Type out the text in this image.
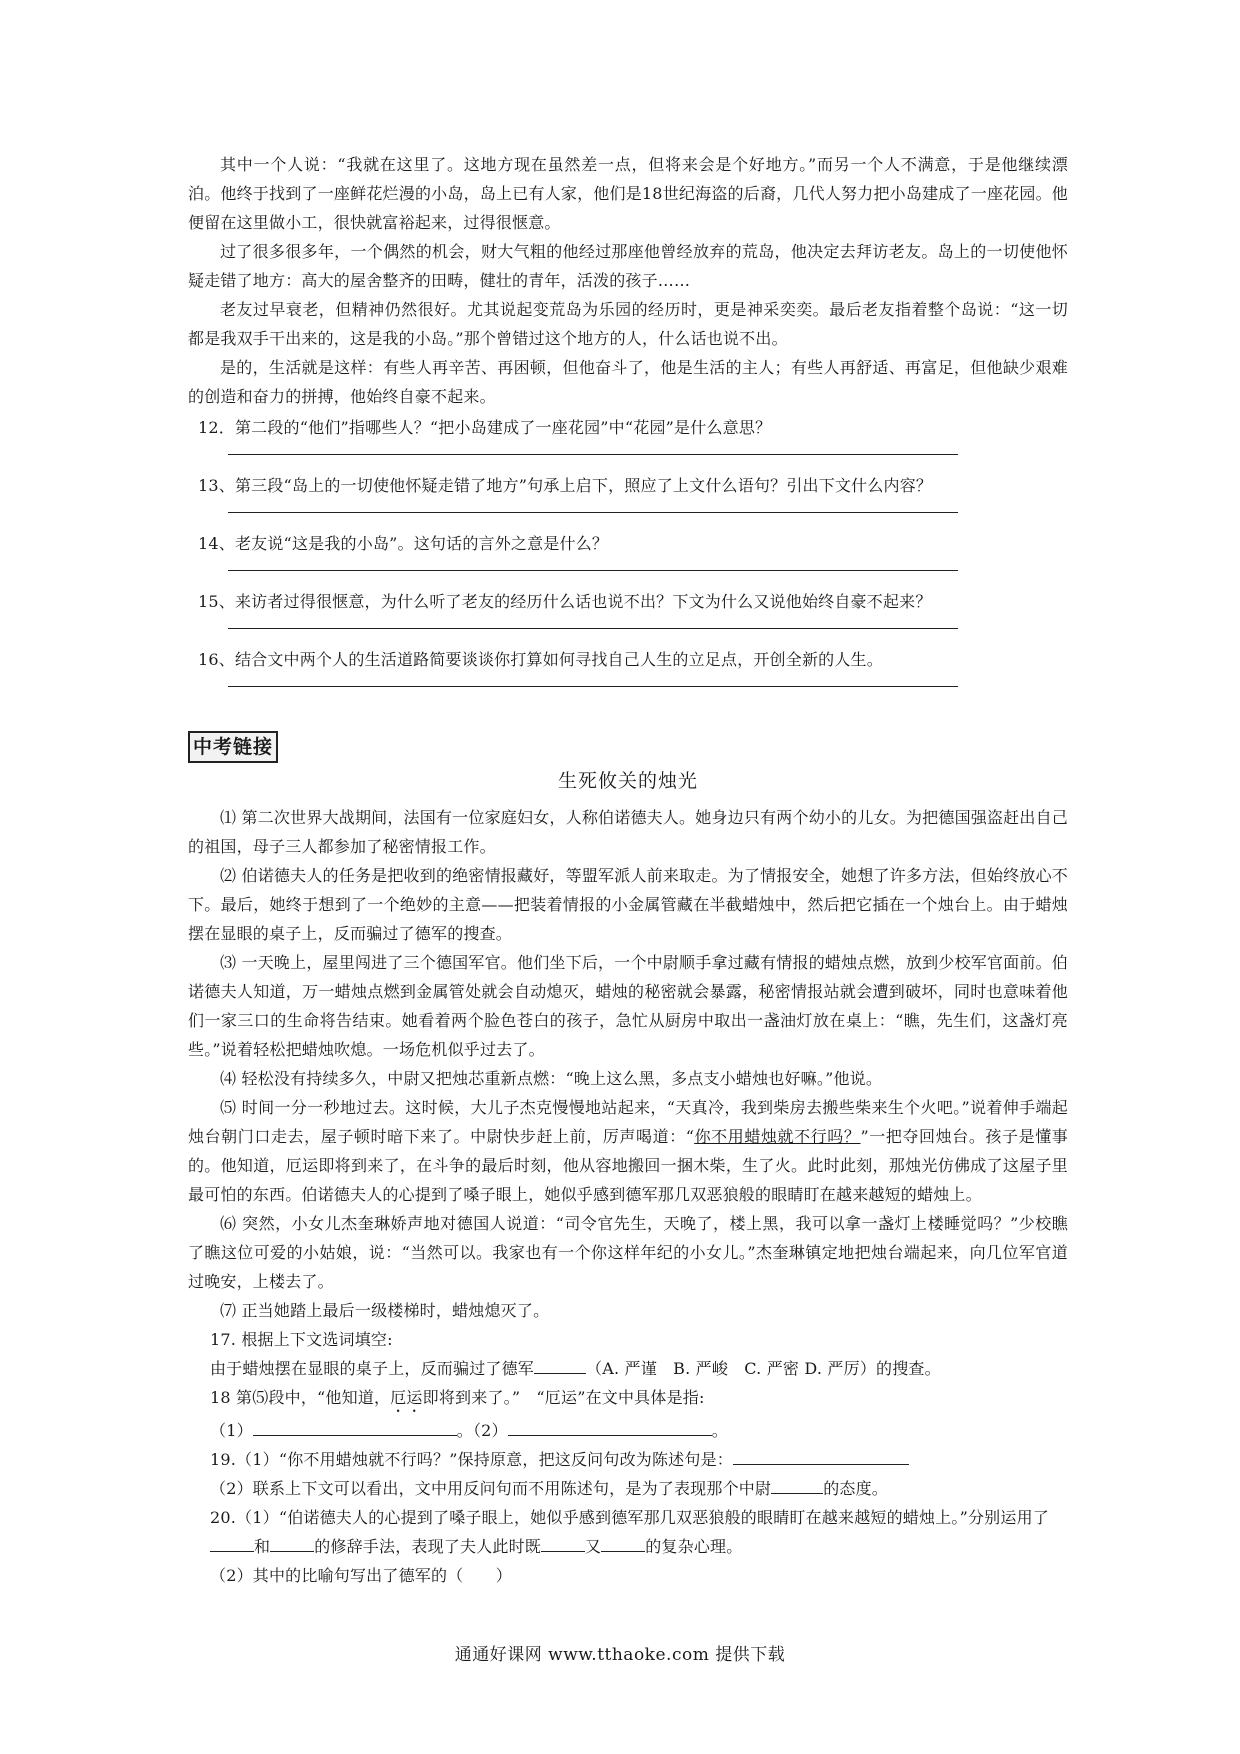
其中一个人说：“我就在这里了。这地方现在虽然差一点，但将来会是个好地方。”而另一个人不满意，于是他继续漂泊。他终于找到了一座鲜花烂漫的小岛，岛上已有人家，他们是18世纪海盗的后裔，几代人努力把小岛建成了一座花园。他便留在这里做小工，很快就富裕起来，过得很惬意。

过了很多很多年，一个偶然的机会，财大气粗的他经过那座他曾经放弃的荒岛，他决定去拜访老友。岛上的一切使他怀疑走错了地方：高大的屋舍整齐的田畴，健壮的青年，活泼的孩子……

老友过早衰老，但精神仍然很好。尤其说起变荒岛为乐园的经历时，更是神采奕奕。最后老友指着整个岛说：“这一切都是我双手干出来的，这是我的小岛。”那个曾错过这个地方的人，什么话也说不出。

是的，生活就是这样：有些人再辛苦、再困顿，但他奋斗了，他是生活的主人；有些人再舒适、再富足，但他缺少艰难的创造和奋力的拼搏，他始终自豪不起来。

12．第二段的“他们”指哪些人？“把小岛建成了一座花园”中“花园”是什么意思？
13、第三段“岛上的一切使他怀疑走错了地方”句承上启下，照应了上文什么语句？引出下文什么内容？
14、老友说“这是我的小岛”。这句话的言外之意是什么？
15、来访者过得很惬意，为什么听了老友的经历什么话也说不出？下文为什么又说他始终自豪不起来？
16、结合文中两个人的生活道路简要谈谈你打算如何寻找自己人生的立足点，开创全新的人生。
中考链接
生死攸关的烛光

⑴ 第二次世界大战期间，法国有一位家庭妇女，人称伯诺德夫人。她身边只有两个幼小的儿女。为把德国强盗赶出自己的祖国，母子三人都参加了秘密情报工作。

⑵ 伯诺德夫人的任务是把收到的绝密情报藏好，等盟军派人前来取走。为了情报安全，她想了许多方法，但始终放心不下。最后，她终于想到了一个绝妙的主意——把装着情报的小金属管藏在半截蜡烛中，然后把它插在一个烛台上。由于蜡烛摆在显眼的桌子上，反而骗过了德军的搜查。

⑶ 一天晚上，屋里闯进了三个德国军官。他们坐下后，一个中尉顺手拿过藏有情报的蜡烛点燃，放到少校军官面前。伯诺德夫人知道，万一蜡烛点燃到金属管处就会自动熄灭，蜡烛的秘密就会暴露，秘密情报站就会遭到破坏，同时也意味着他们一家三口的生命将告结束。她看着两个脸色苍白的孩子，急忙从厨房中取出一盏油灯放在桌上：“瞧，先生们，这盏灯亮些。”说着轻松把蜡烛吹熄。一场危机似乎过去了。

⑷ 轻松没有持续多久，中尉又把烛芯重新点燃：“晚上这么黑，多点支小蜡烛也好嘛。”他说。

⑸ 时间一分一秒地过去。这时候，大儿子杰克慢慢地站起来，“天真冷，我到柴房去搬些柴来生个火吧。”说着伸手端起烛台朝门口走去，屋子顿时暗下来了。中尉快步赶上前，厉声喝道：“你不用蜡烛就不行吗？”一把夺回烛台。孩子是懂事的。他知道，厄运即将到来了，在斗争的最后时刻，他从容地搬回一捆木柴，生了火。此时此刻，那烛光仿佛成了这屋子里最可怕的东西。伯诺德夫人的心提到了嗓子眼上，她似乎感到德军那几双恶狼般的眼睛盯在越来越短的蜡烛上。

⑹ 突然，小女儿杰奎琳娇声地对德国人说道：“司令官先生，天晚了，楼上黑，我可以拿一盏灯上楼睡觉吗？”少校瞧了瞧这位可爱的小姑娘，说：“当然可以。我家也有一个你这样年纪的小女儿。”杰奎琳镇定地把烛台端起来，向几位军官道过晚安，上楼去了。

⑺ 正当她踏上最后一级楼梯时，蜡烛熄灭了。

17. 根据上下文选词填空:
由于蜡烛摆在显眼的桌子上，反而骗过了德军	（A. 严谨　B. 严峻　C. 严密 D. 严厉）的搜查。
18 第⑸段中，“他知道，厄运即将到来了。”　“厄运”在文中具体是指:
（1）	。（2）	。
19.（1）“你不用蜡烛就不行吗？”保持原意，把这反问句改为陈述句是：
（2）联系上下文可以看出，文中用反问句而不用陈述句，是为了表现那个中尉	的态度。
20.（1）“伯诺德夫人的心提到了嗓子眼上，她似乎感到德军那几双恶狼般的眼睛盯在越来越短的蜡烛上。”分别运用了和	的修辞手法，表现了夫人此时既	又	的复杂心理。
（2）其中的比喻句写出了德军的（　　）
通通好课网 www.tthaoke.com 提供下载
